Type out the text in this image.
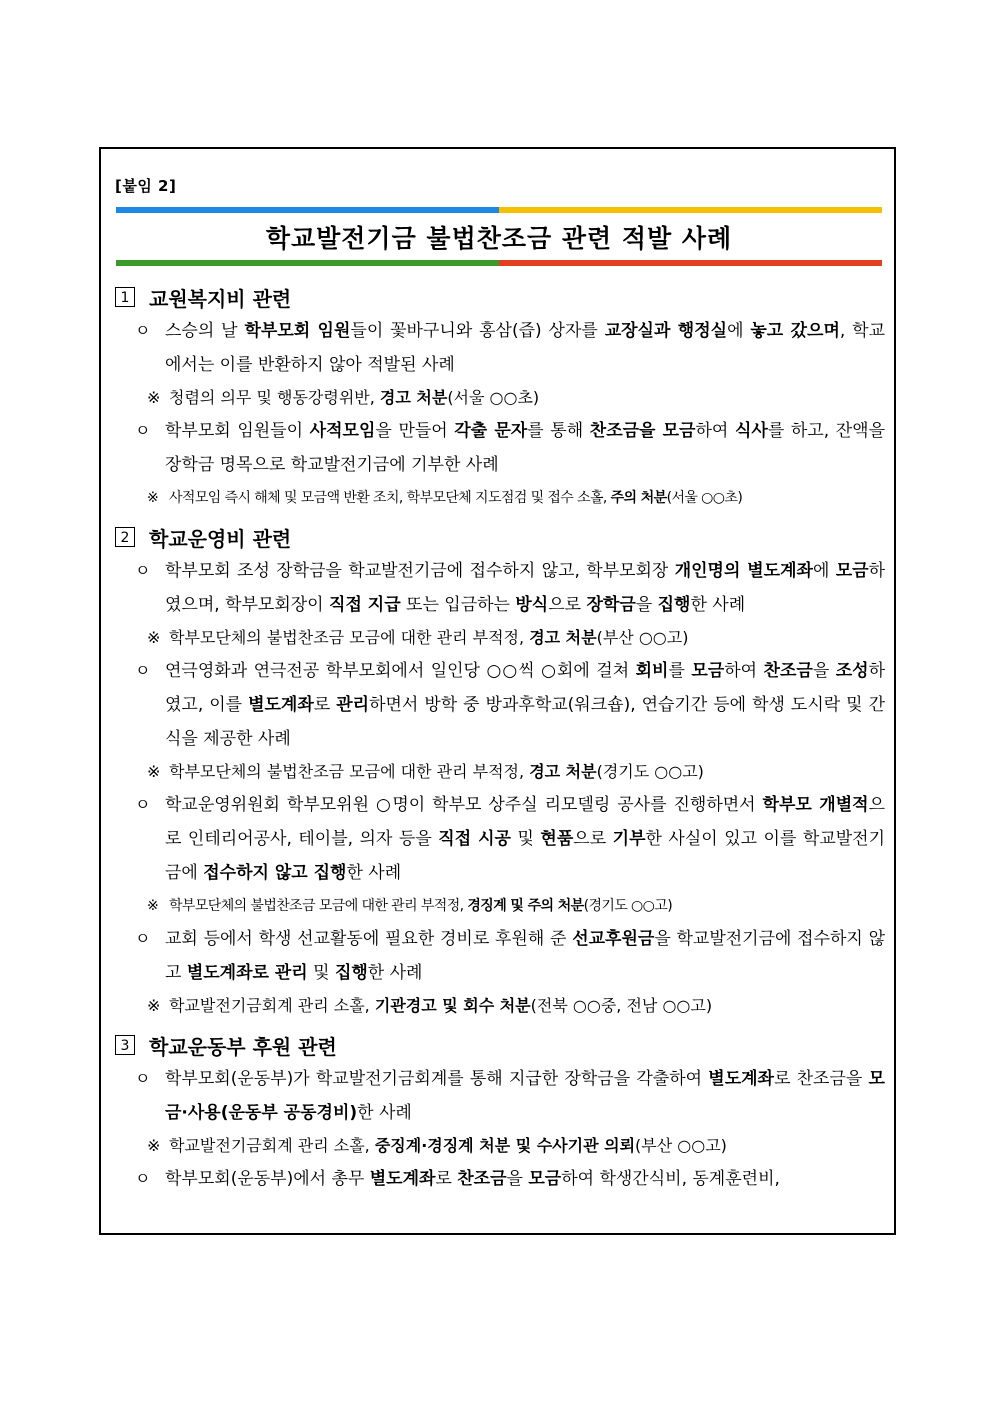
[붙임 2]
학교발전기금 불법찬조금 관련 적발 사례
1 교원복지비 관련
ㅇ 스승의 날 학부모회 임원들이 꽃바구니와 홍삼(즙) 상자를 교장실과 행정실에 놓고 갔으며, 학교에서는 이를 반환하지 않아 적발된 사례
※ 청렴의 의무 및 행동강령위반, 경고 처분(서울 ○○초)
ㅇ 학부모회 임원들이 사적모임을 만들어 각출 문자를 통해 찬조금을 모금하여 식사를 하고, 잔액을 장학금 명목으로 학교발전기금에 기부한 사례
※ 사적모임 즉시 해체 및 모금액 반환 조치, 학부모단체 지도점검 및 접수 소홀, 주의 처분(서울 ○○초)
2 학교운영비 관련
ㅇ 학부모회 조성 장학금을 학교발전기금에 접수하지 않고, 학부모회장 개인명의 별도계좌에 모금하였으며, 학부모회장이 직접 지급 또는 입금하는 방식으로 장학금을 집행한 사례
※ 학부모단체의 불법찬조금 모금에 대한 관리 부적정, 경고 처분(부산 ○○고)
ㅇ 연극영화과 연극전공 학부모회에서 일인당 ○○씩 ○회에 걸쳐 회비를 모금하여 찬조금을 조성하였고, 이를 별도계좌로 관리하면서 방학 중 방과후학교(워크숍), 연습기간 등에 학생 도시락 및 간식을 제공한 사례
※ 학부모단체의 불법찬조금 모금에 대한 관리 부적정, 경고 처분(경기도 ○○고)
ㅇ 학교운영위원회 학부모위원 ○명이 학부모 상주실 리모델링 공사를 진행하면서 학부모 개별적으로 인테리어공사, 테이블, 의자 등을 직접 시공 및 현품으로 기부한 사실이 있고 이를 학교발전기금에 접수하지 않고 집행한 사례
※ 학부모단체의 불법찬조금 모금에 대한 관리 부적정, 경징계 및 주의 처분(경기도 ○○고)
ㅇ 교회 등에서 학생 선교활동에 필요한 경비로 후원해 준 선교후원금을 학교발전기금에 접수하지 않고 별도계좌로 관리 및 집행한 사례
※ 학교발전기금회계 관리 소홀, 기관경고 및 회수 처분(전북 ○○중, 전남 ○○고)
3 학교운동부 후원 관련
ㅇ 학부모회(운동부)가 학교발전기금회계를 통해 지급한 장학금을 각출하여 별도계좌로 찬조금을 모금·사용(운동부 공동경비)한 사례
※ 학교발전기금회계 관리 소홀, 중징계·경징계 처분 및 수사기관 의뢰(부산 ○○고)
ㅇ 학부모회(운동부)에서 총무 별도계좌로 찬조금을 모금하여 학생간식비, 동계훈련비,
